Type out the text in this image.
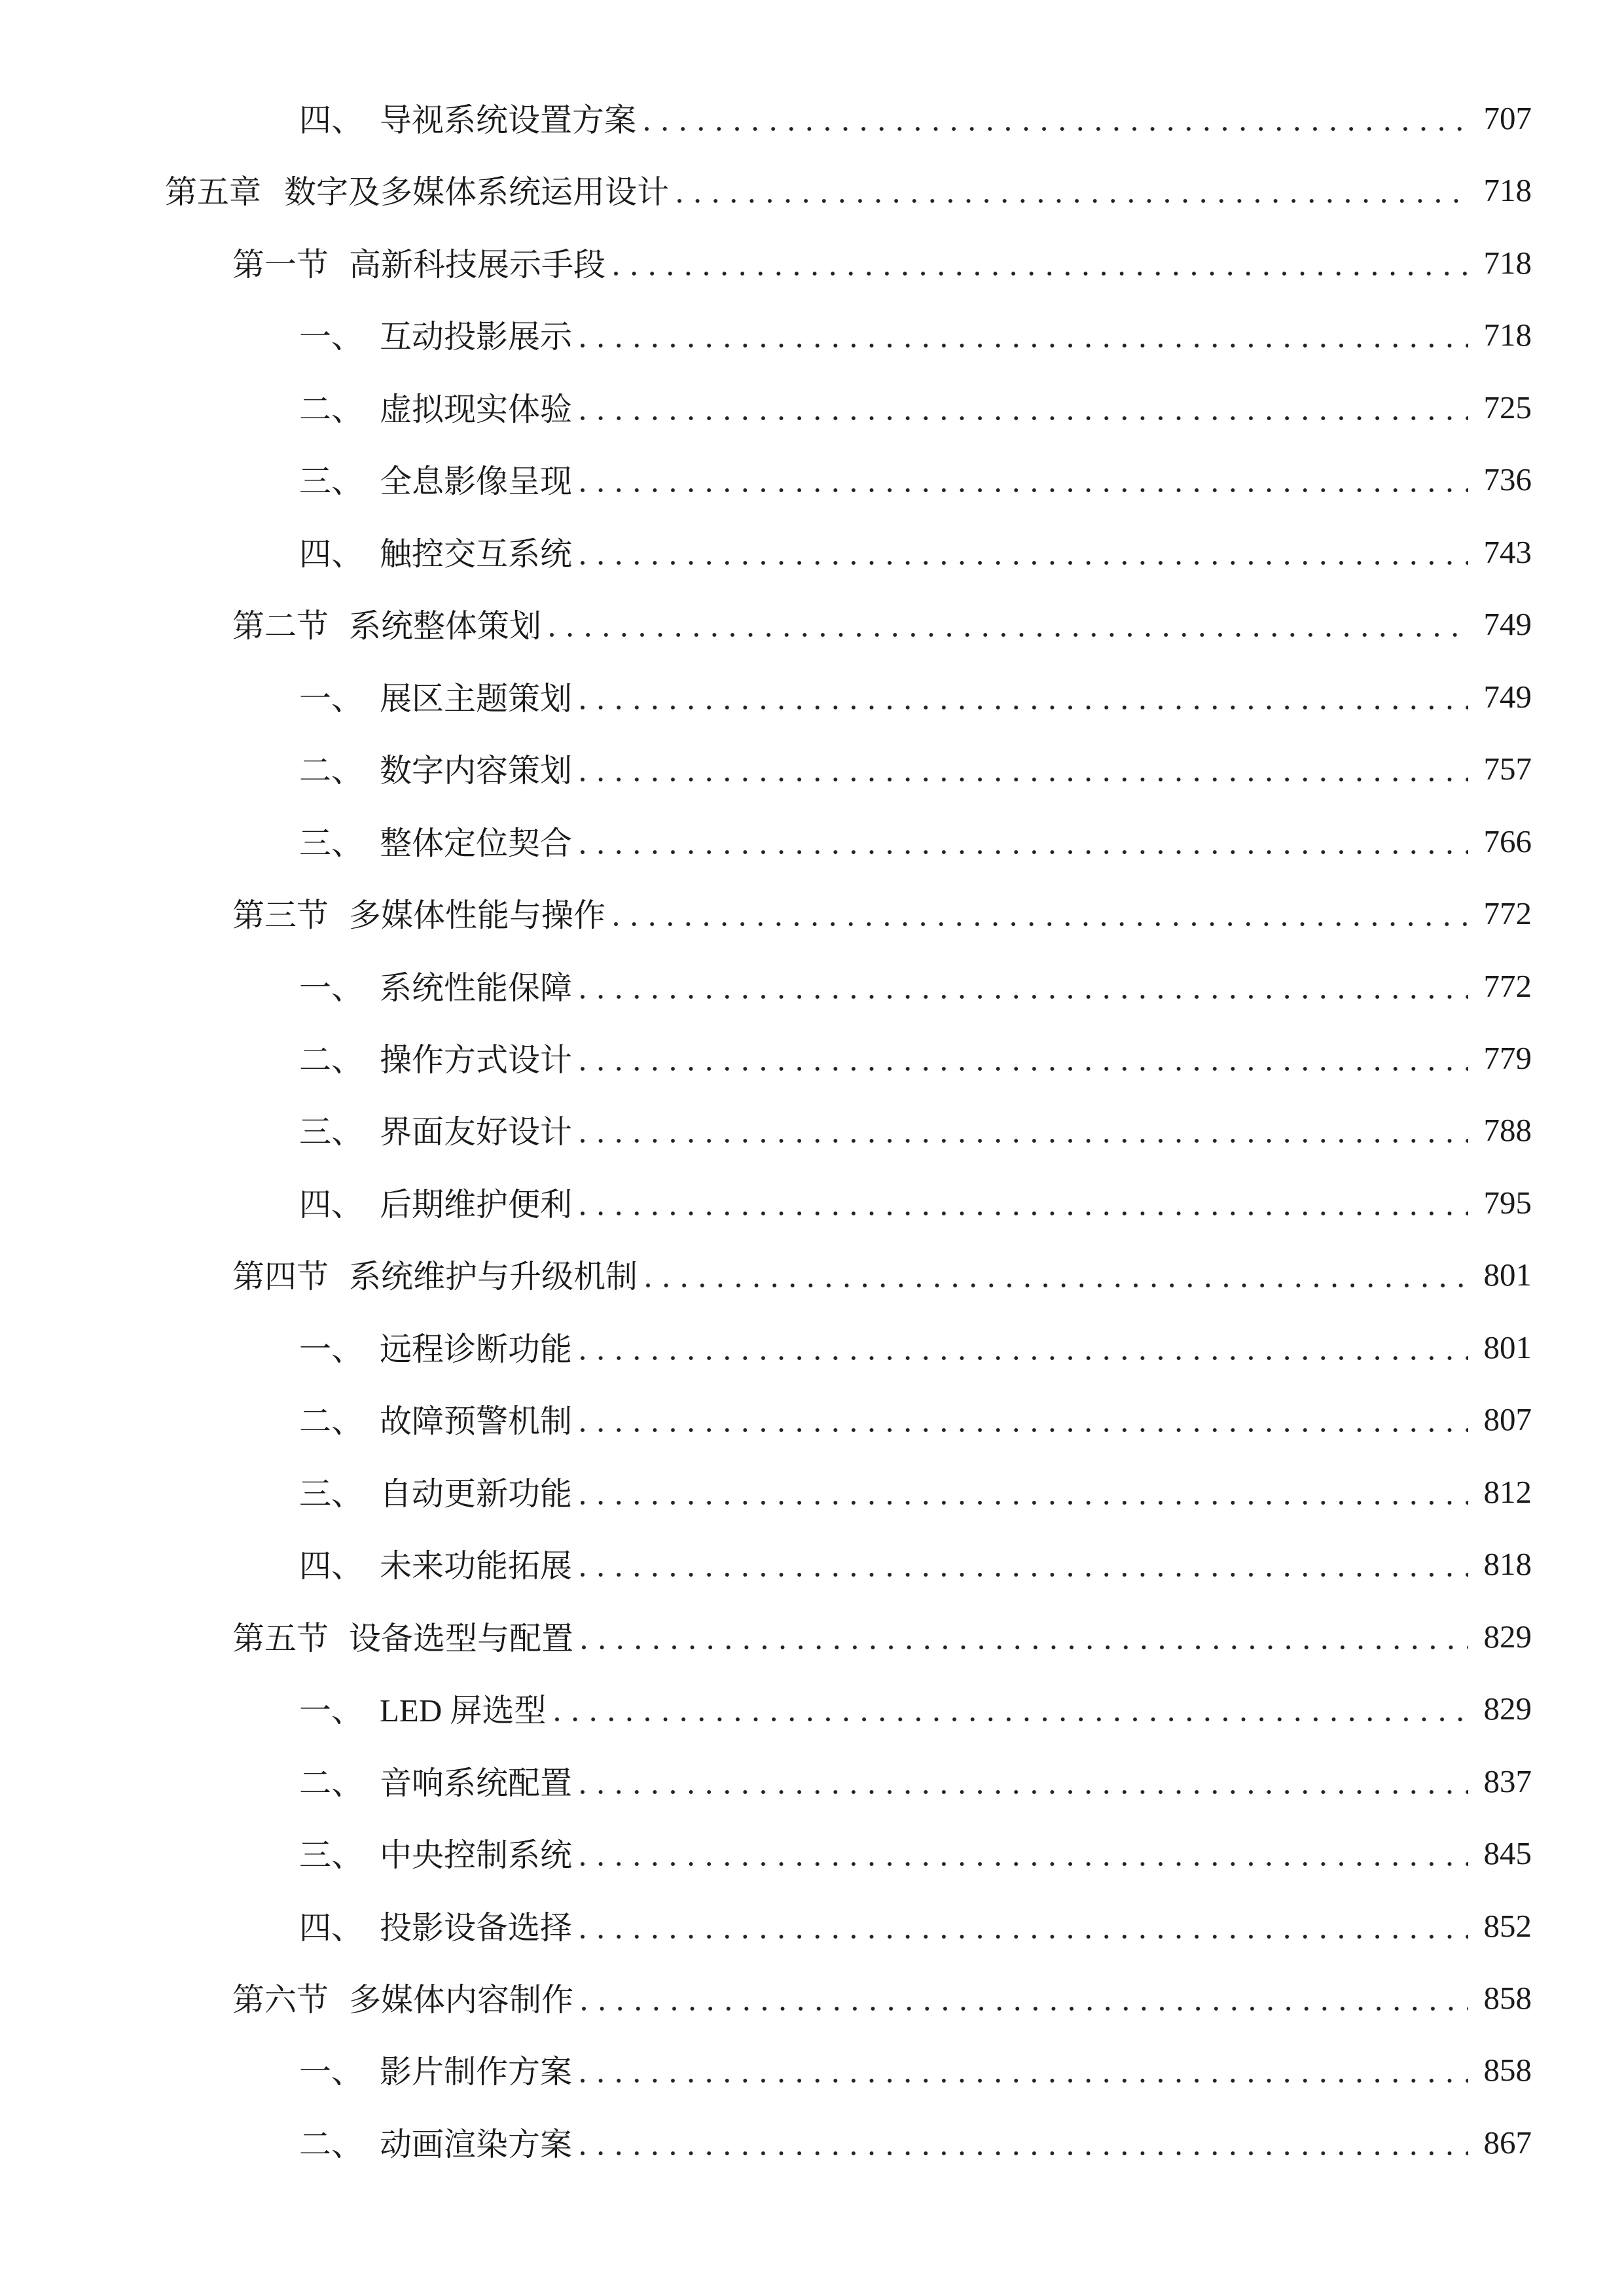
四、 导视系统设置方案	707
第五章 数字及多媒体系统运用设计	718
第一节 高新科技展示手段	718
一、 互动投影展示	718
二、 虚拟现实体验	725
三、 全息影像呈现	736
四、 触控交互系统	743
第二节 系统整体策划	749
一、 展区主题策划	749
二、 数字内容策划	757
三、 整体定位契合	766
第三节 多媒体性能与操作	772
一、 系统性能保障	772
二、 操作方式设计	779
三、 界面友好设计	788
四、 后期维护便利	795
第四节 系统维护与升级机制	801
一、 远程诊断功能	801
二、 故障预警机制	807
三、 自动更新功能	812
四、 未来功能拓展	818
第五节 设备选型与配置	829
一、 LED 屏选型	829
二、 音响系统配置	837
三、 中央控制系统	845
四、 投影设备选择	852
第六节 多媒体内容制作	858
一、 影片制作方案	858
二、 动画渲染方案	867
